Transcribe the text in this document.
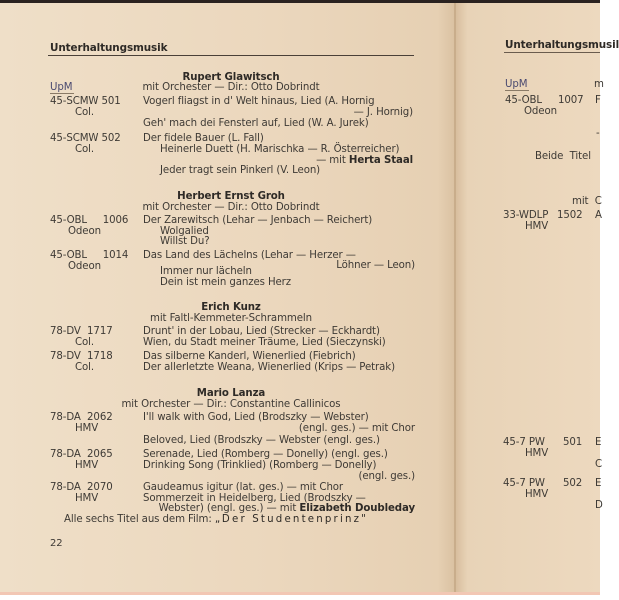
Unterhaltungsmusik
Rupert Glawitsch
UpM	mit Orchester — Dir.: Otto Dobrindt
45-SCMW 501
Col.
Vogerl fliagst in d' Welt hinaus, Lied (A. Hornig
— J. Hornig)
Geh' mach dei Fensterl auf, Lied (W. A. Jurek)
45-SCMW 502
Col.
Der fidele Bauer (L. Fall)
Heinerle Duett (H. Marischka — R. Österreicher)
— mit Herta Staal
Jeder tragt sein Pinkerl (V. Leon)
Herbert Ernst Groh
mit Orchester — Dir.: Otto Dobrindt
45-OBL     1006
Odeon
Der Zarewitsch (Lehar — Jenbach — Reichert)
Wolgalied
Willst Du?
45-OBL     1014
Odeon
Das Land des Lächelns (Lehar — Herzer —
Löhner — Leon)
Immer nur lächeln
Dein ist mein ganzes Herz
Erich Kunz
mit Faltl-Kemmeter-Schrammeln
78-DV  1717
Col.
Drunt' in der Lobau, Lied (Strecker — Eckhardt)
Wien, du Stadt meiner Träume, Lied (Sieczynski)
78-DV  1718
Col.
Das silberne Kanderl, Wienerlied (Fiebrich)
Der allerletzte Weana, Wienerlied (Krips — Petrak)
Mario Lanza
mit Orchester — Dir.: Constantine Callinicos
78-DA  2062
HMV
I'll walk with God, Lied (Brodszky — Webster)
(engl. ges.) — mit Chor
Beloved, Lied (Brodszky — Webster (engl. ges.)
78-DA  2065
HMV
Serenade, Lied (Romberg — Donelly) (engl. ges.)
Drinking Song (Trinklied) (Romberg — Donelly)
(engl. ges.)
78-DA  2070
HMV
Gaudeamus igitur (lat. ges.) — mit Chor
Sommerzeit in Heidelberg, Lied (Brodszky —
Webster) (engl. ges.) — mit Elizabeth Doubleday
Alle sechs Titel aus dem Film: „Der Studentenprinz"
22
Unterhaltungsmusil
UpM	m
45-OBL 1007
Odeon
F
-
Beide  Titel
mit  C
33-WDLP 1502
HMV
A
45-7 PW 501
HMV
E
C
45-7 PW 502
HMV
E
D
